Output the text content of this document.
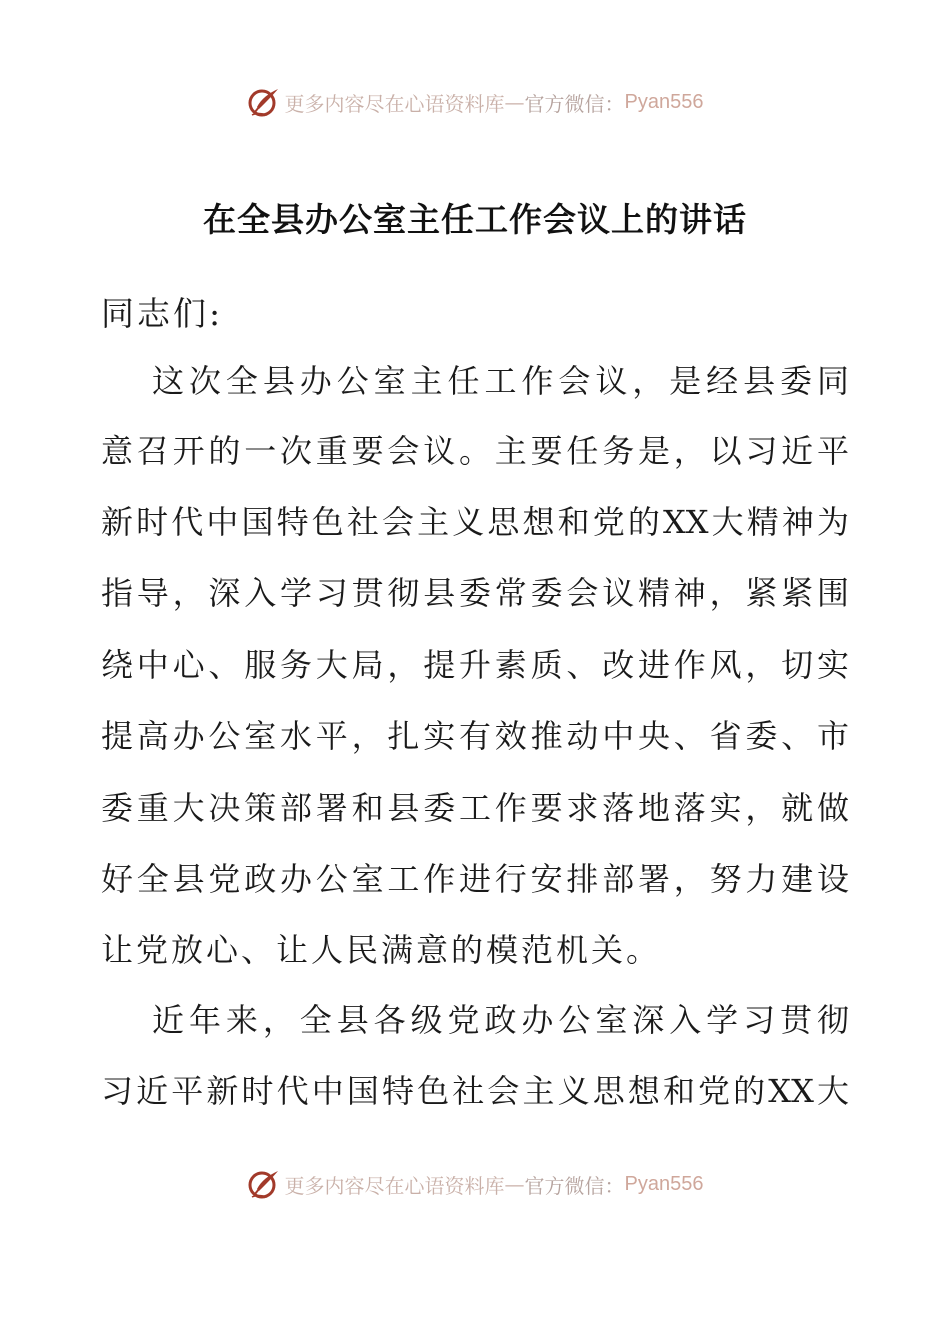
更多内容尽在心语资料库 — 官方微信： Pyan556
在全县办公室主任工作会议上的讲话
同志们:
这次全县办公室主任工作会议，是经县委同
意召开的一次重要会议。主要任务是，以习近平
新时代中国特色社会主义思想和党的XX大精神为
指导，深入学习贯彻县委常委会议精神，紧紧围
绕中心、服务大局，提升素质、改进作风，切实
提高办公室水平，扎实有效推动中央、省委、市
委重大决策部署和县委工作要求落地落实，就做
好全县党政办公室工作进行安排部署，努力建设
让党放心、让人民满意的模范机关。
近年来，全县各级党政办公室深入学习贯彻
习近平新时代中国特色社会主义思想和党的XX大
更多内容尽在心语资料库 — 官方微信： Pyan556
